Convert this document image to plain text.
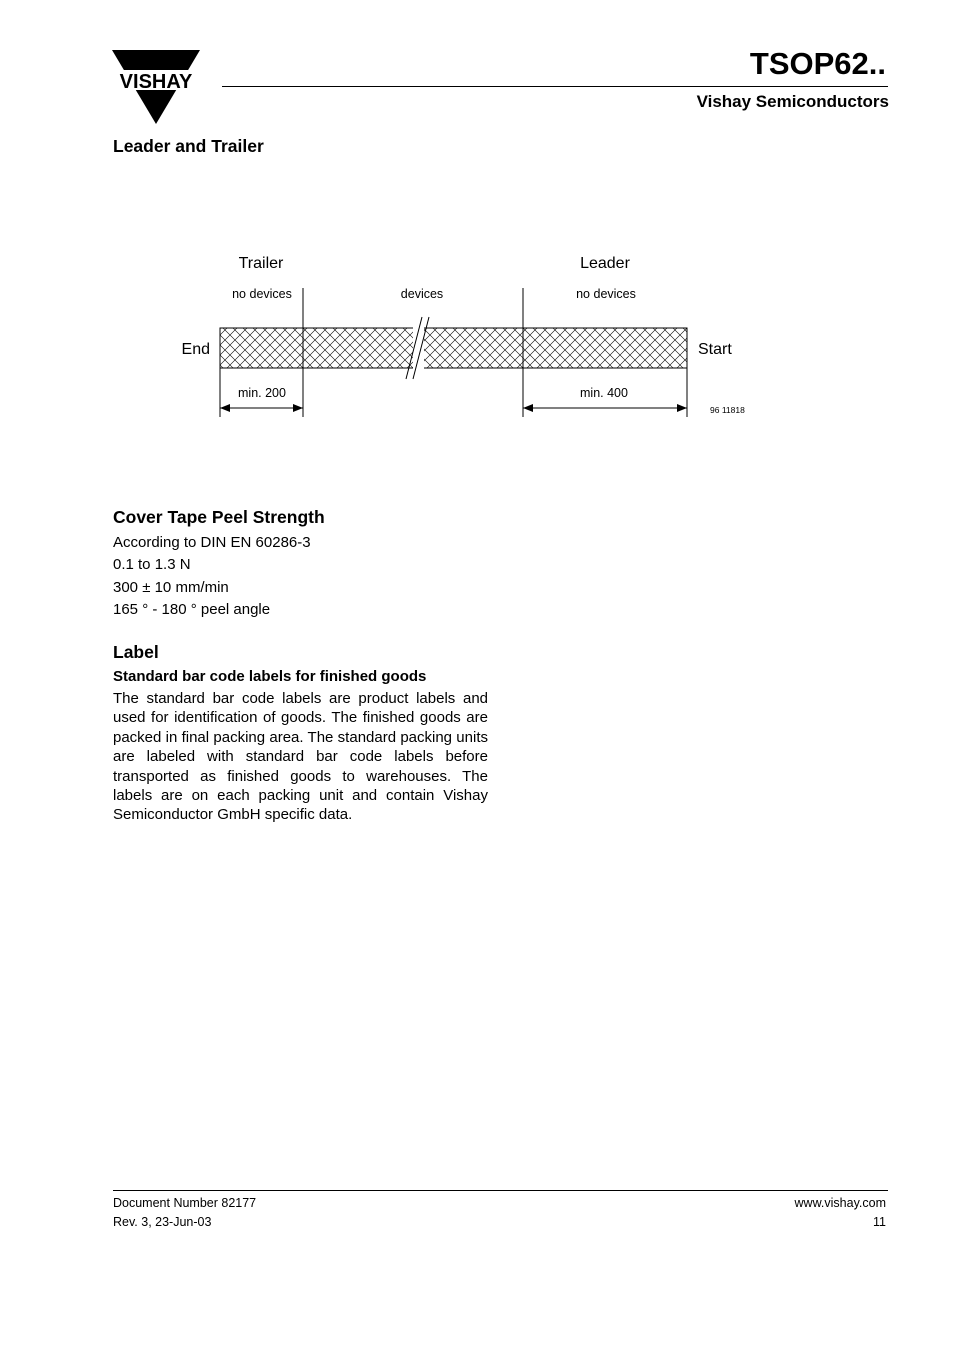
VISHAY
TSOP62..
Vishay Semiconductors
Leader and Trailer
Trailer	Leader
no devices	devices	no devices
End	Start
min. 200	min. 400
96 11818
Cover Tape Peel Strength
According to DIN EN 60286-3
0.1 to 1.3 N
300 ± 10 mm/min
165 ° - 180 ° peel angle
Label
Standard bar code labels for finished goods
The standard bar code labels are product labels and used for identification of goods. The finished goods are packed in final packing area. The standard packing units are labeled with standard bar code labels before transported as finished goods to warehouses. The labels are on each packing unit and contain Vishay Semiconductor GmbH specific data.
Document Number 82177
Rev. 3, 23-Jun-03
www.vishay.com
11
